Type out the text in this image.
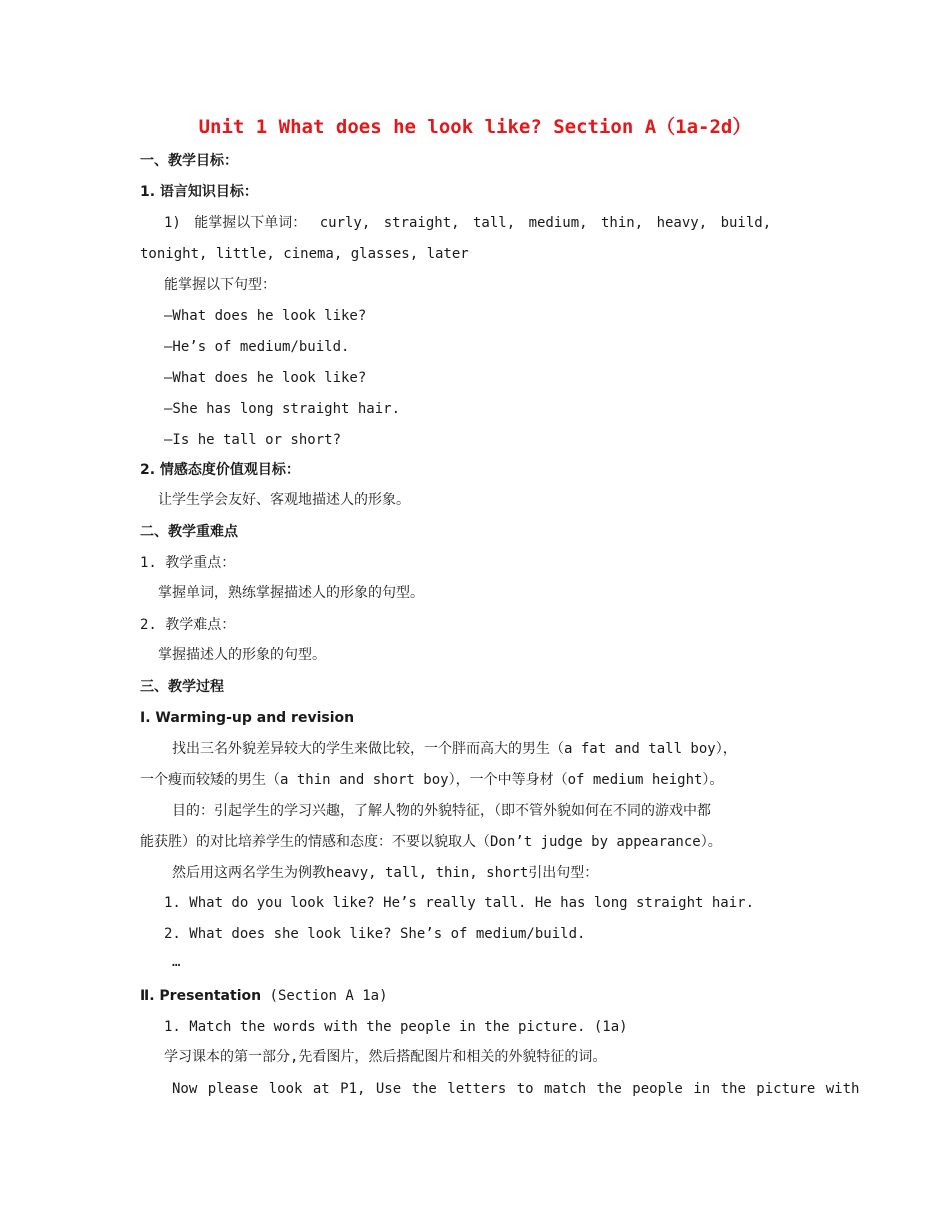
Unit 1 What does he look like? Section A（1a-2d）
一、教学目标：
1. 语言知识目标：
1) 能掌握以下单词： curly, straight, tall, medium, thin, heavy, build,
tonight, little, cinema, glasses, later
能掌握以下句型：
—What does he look like?
—He’s of medium/build.
—What does he look like?
—She has long straight hair.
—Is he tall or short?
2. 情感态度价值观目标：
让学生学会友好、客观地描述人的形象。
二、教学重难点
1. 教学重点：
掌握单词，熟练掌握描述人的形象的句型。
2. 教学难点：
掌握描述人的形象的句型。
三、教学过程
Ⅰ. Warming-up and revision
找出三名外貌差异较大的学生来做比较，一个胖而高大的男生（a fat and tall boy），
一个瘦而较矮的男生（a thin and short boy），一个中等身材（of medium height）。
目的：引起学生的学习兴趣，了解人物的外貌特征，（即不管外貌如何在不同的游戏中都
能获胜）的对比培养学生的情感和态度：不要以貌取人（Don’t judge by appearance）。
然后用这两名学生为例教heavy, tall, thin, short引出句型：
1. What do you look like? He’s really tall. He has long straight hair.
2. What does she look like? She’s of medium/build.
…
Ⅱ. Presentation (Section A 1a)
1. Match the words with the people in the picture. (1a)
学习课本的第一部分,先看图片，然后搭配图片和相关的外貌特征的词。
Now please look at P1, Use the letters to match the people in the picture with
